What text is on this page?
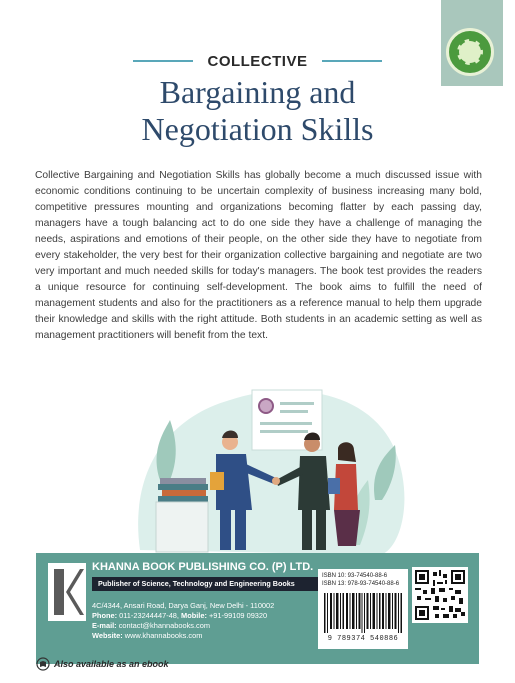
COLLECTIVE
Bargaining and
Negotiation Skills
Collective Bargaining and Negotiation Skills has globally become a much discussed issue with economic conditions continuing to be uncertain complexity of business increasing many bold, competitive pressures mounting and organizations becoming flatter by each passing day, managers have a tough balancing act to do one side they have a challenge of managing the needs, aspirations and emotions of their people, on the other side they have to negotiate from every stakeholder, the very best for their organization collective bargaining and negotiate are two very important and much needed skills for today's managers. The book test provides the readers a unique resource for continuing self-development. The book aims to fulfill the need of management students and also for the practitioners as a reference manual to help them upgrade their knowledge and skills with the right attitude. Both students in an academic setting as well as management practitioners will benefit from the text.
KHANNA BOOK PUBLISHING CO. (P) LTD.
Publisher of Science, Technology and Engineering Books
4C/4344, Ansari Road, Darya Ganj, New Delhi - 110002
Phone: 011-23244447-48, Mobile: +91-99109 09320
E-mail: contact@khannabooks.com
Website: www.khannabooks.com
ISBN 10: 93-74540-88-6
ISBN 13: 978-93-74540-88-6
9 789374 540886
Also available as an ebook
